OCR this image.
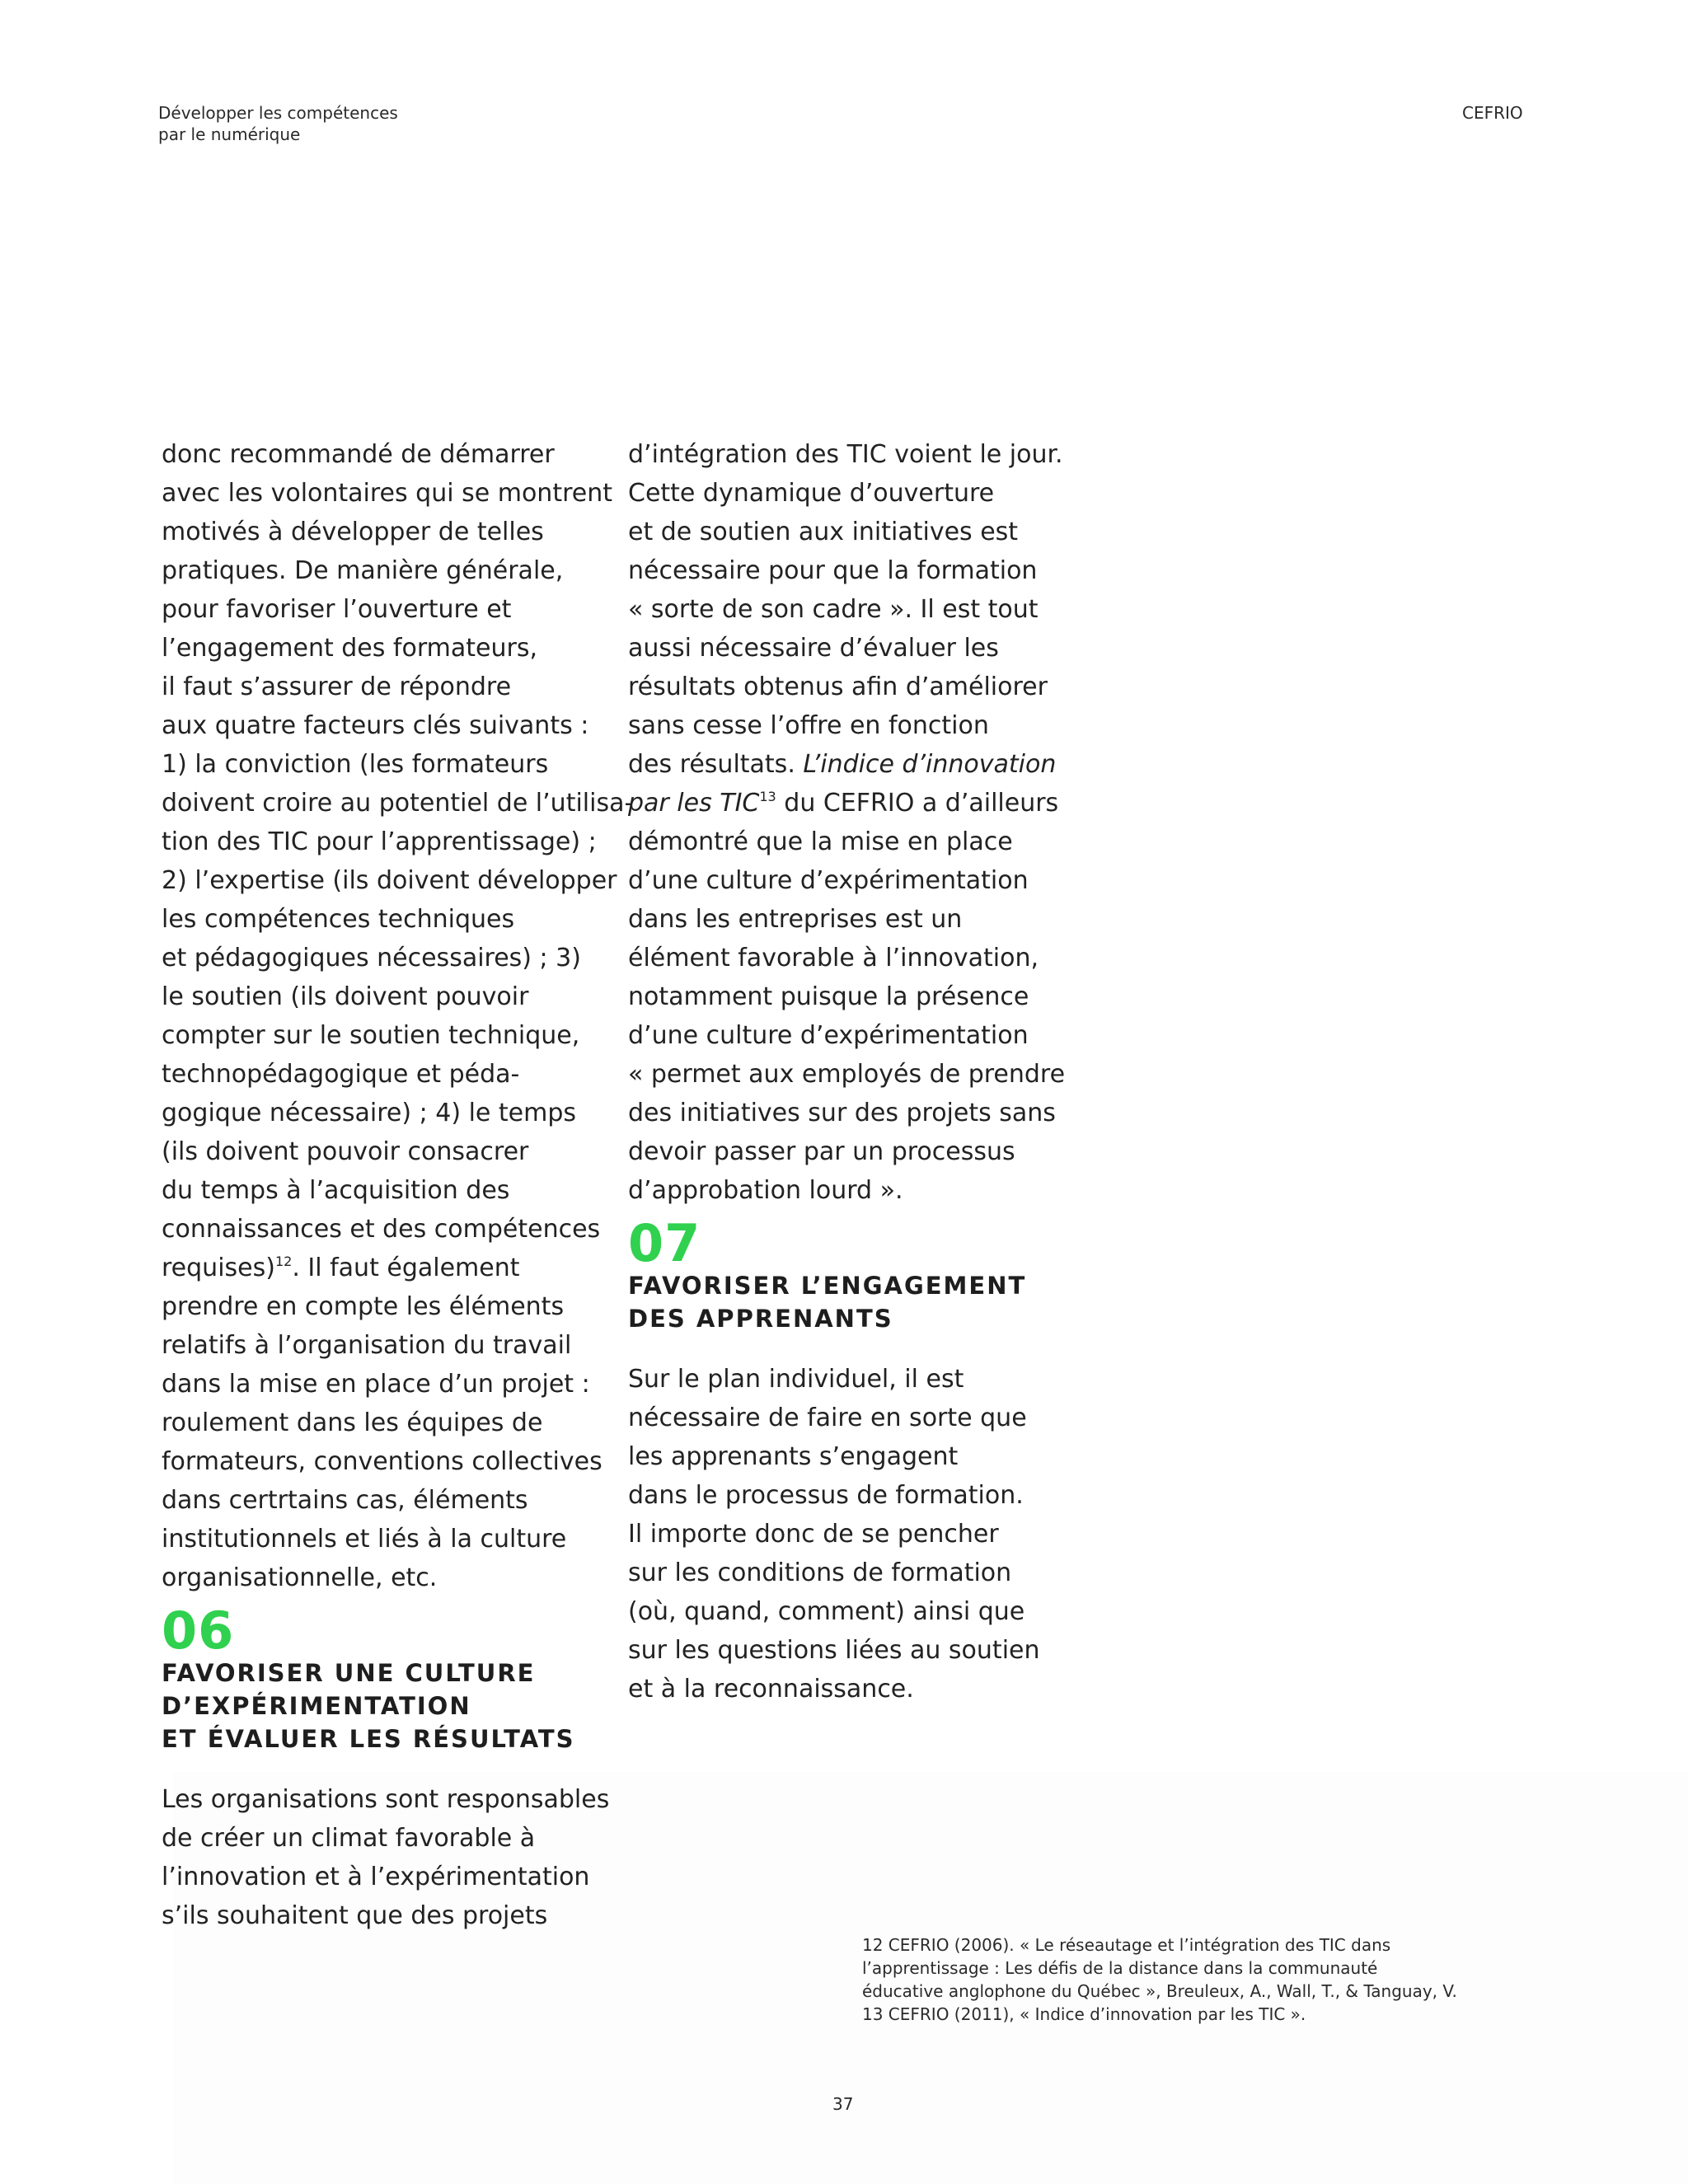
Développer les compétences
par le numérique
CEFRIO
donc recommandé de démarrer
avec les volontaires qui se montrent
motivés à développer de telles
pratiques. De manière générale,
pour favoriser l’ouverture et
l’engagement des formateurs,
il faut s’assurer de répondre
aux quatre facteurs clés suivants :
1) la conviction (les formateurs
doivent croire au potentiel de l’utilisa-
tion des TIC pour l’apprentissage) ;
2) l’expertise (ils doivent développer
les compétences techniques
et pédagogiques nécessaires) ; 3)
le soutien (ils doivent pouvoir
compter sur le soutien technique,
technopédagogique et péda-
gogique nécessaire) ; 4) le temps
(ils doivent pouvoir consacrer
du temps à l’acquisition des
connaissances et des compétences
requises)$^{12}$. Il faut également
prendre en compte les éléments
relatifs à l’organisation du travail
dans la mise en place d’un projet :
roulement dans les équipes de
formateurs, conventions collectives
dans certrtains cas, éléments
institutionnels et liés à la culture
organisationnelle, etc.
06
FAVORISER UNE CULTURE
D’EXPÉRIMENTATION
ET ÉVALUER LES RÉSULTATS
Les organisations sont responsables
de créer un climat favorable à
l’innovation et à l’expérimentation
s’ils souhaitent que des projets
d’intégration des TIC voient le jour.
Cette dynamique d’ouverture
et de soutien aux initiatives est
nécessaire pour que la formation
« sorte de son cadre ». Il est tout
aussi nécessaire d’évaluer les
résultats obtenus afin d’améliorer
sans cesse l’offre en fonction
des résultats. L’indice d’innovation
par les TIC$^{13}$ du CEFRIO a d’ailleurs
démontré que la mise en place
d’une culture d’expérimentation
dans les entreprises est un
élément favorable à l’innovation,
notamment puisque la présence
d’une culture d’expérimentation
« permet aux employés de prendre
des initiatives sur des projets sans
devoir passer par un processus
d’approbation lourd ».
07
FAVORISER L’ENGAGEMENT
DES APPRENANTS
Sur le plan individuel, il est
nécessaire de faire en sorte que
les apprenants s’engagent
dans le processus de formation.
Il importe donc de se pencher
sur les conditions de formation
(où, quand, comment) ainsi que
sur les questions liées au soutien
et à la reconnaissance.
12 CEFRIO (2006). « Le réseautage et l’intégration des TIC dans
l’apprentissage : Les défis de la distance dans la communauté
éducative anglophone du Québec », Breuleux, A., Wall, T., & Tanguay, V.
13 CEFRIO (2011), « Indice d’innovation par les TIC ».
37
